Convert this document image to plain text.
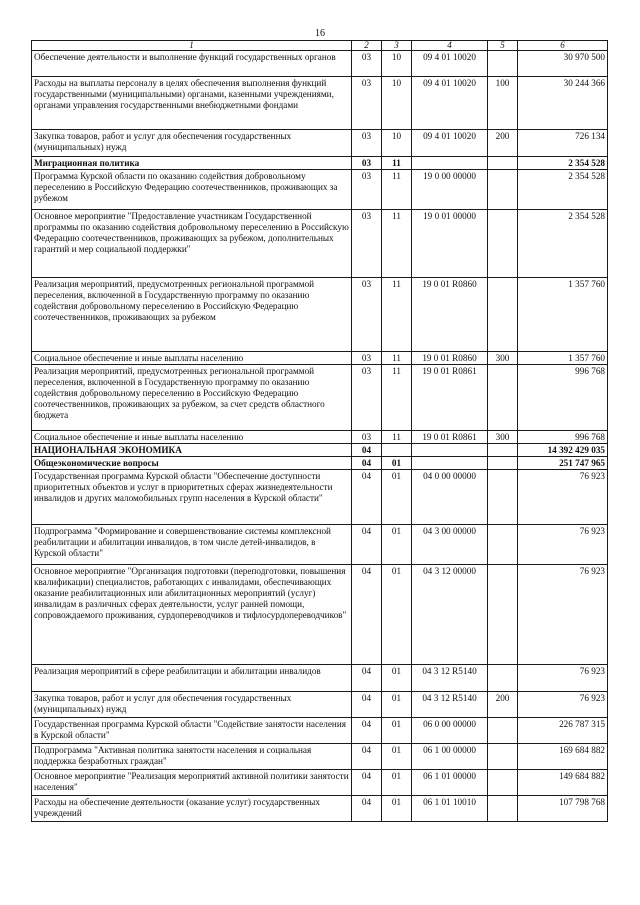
16
1	2	3	4	5	6
Обеспечение деятельности и выполнение функций государственных органов	03	10	09 4 01 10020		30 970 500
Расходы на выплаты персоналу в целях обеспечения выполнения функций государственными (муниципальными) органами, казенными учреждениями, органами управления государственными внебюджетными фондами	03	10	09 4 01 10020	100	30 244 366
Закупка товаров, работ и услуг для обеспечения государственных (муниципальных) нужд	03	10	09 4 01 10020	200	726 134
Миграционная политика	03	11			2 354 528
Программа Курской области по оказанию содействия добровольному переселению в Российскую Федерацию соотечественников, проживающих за рубежом	03	11	19 0 00 00000		2 354 528
Основное мероприятие "Предоставление участникам Государственной программы по оказанию содействия добровольному переселению в Российскую Федерацию соотечественников, проживающих за рубежом, дополнительных гарантий и мер социальной поддержки"	03	11	19 0 01 00000		2 354 528
Реализация мероприятий, предусмотренных региональной программой переселения, включенной в Государственную программу по оказанию содействия добровольному переселению в Российскую Федерацию соотечественников, проживающих за рубежом	03	11	19 0 01 R0860		1 357 760
Социальное обеспечение и иные выплаты населению	03	11	19 0 01 R0860	300	1 357 760
Реализация мероприятий, предусмотренных региональной программой переселения, включенной в Государственную программу по оказанию содействия добровольному переселению в Российскую Федерацию соотечественников, проживающих за рубежом, за счет средств областного бюджета	03	11	19 0 01 R0861		996 768
Социальное обеспечение и иные выплаты населению	03	11	19 0 01 R0861	300	996 768
НАЦИОНАЛЬНАЯ ЭКОНОМИКА	04				14 392 429 035
Общеэкономические вопросы	04	01			251 747 965
Государственная программа Курской области "Обеспечение доступности приоритетных объектов и услуг в приоритетных сферах жизнедеятельности инвалидов и других маломобильных групп населения в Курской области"	04	01	04 0 00 00000		76 923
Подпрограмма "Формирование и совершенствование системы комплексной реабилитации и абилитации инвалидов, в том числе детей-инвалидов, в Курской области"	04	01	04 3 00 00000		76 923
Основное мероприятие "Организация подготовки (переподготовки, повышения квалификации) специалистов, работающих с инвалидами, обеспечивающих оказание реабилитационных или абилитационных мероприятий (услуг) инвалидам в различных сферах деятельности, услуг ранней помощи, сопровождаемого проживания, сурдопереводчиков и тифлосурдопереводчиков"	04	01	04 3 12 00000		76 923
Реализация мероприятий в сфере реабилитации и абилитации инвалидов	04	01	04 3 12 R5140		76 923
Закупка товаров, работ и услуг для обеспечения государственных (муниципальных) нужд	04	01	04 3 12 R5140	200	76 923
Государственная программа Курской области "Содействие занятости населения в Курской области"	04	01	06 0 00 00000		226 787 315
Подпрограмма "Активная политика занятости населения и социальная поддержка безработных граждан"	04	01	06 1 00 00000		169 684 882
Основное мероприятие "Реализация мероприятий активной политики занятости населения"	04	01	06 1 01 00000		149 684 882
Расходы на обеспечение деятельности (оказание услуг) государственных учреждений	04	01	06 1 01 10010		107 798 768
